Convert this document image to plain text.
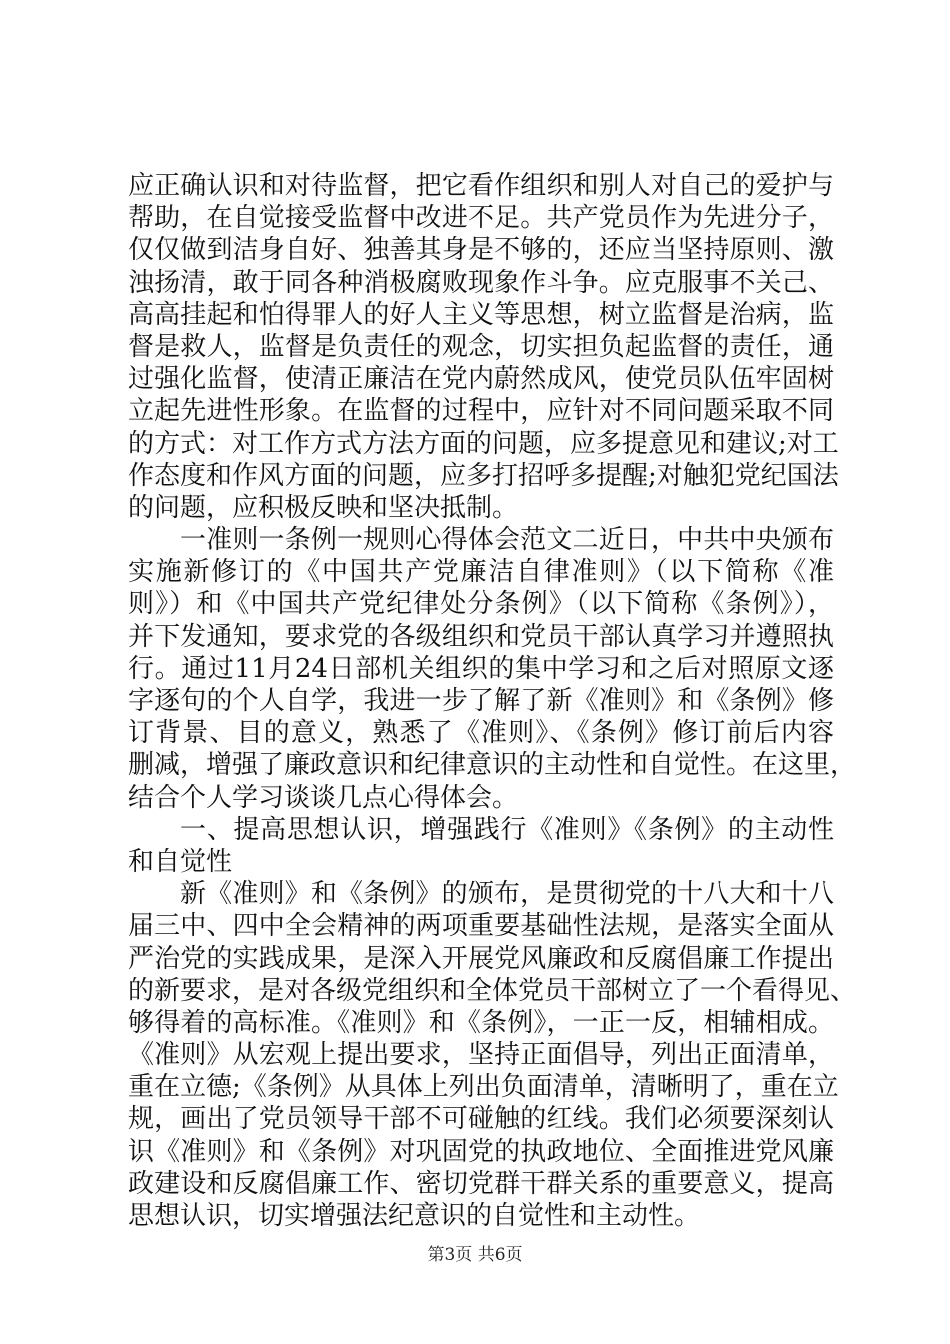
应正确认识和对待监督，把它看作组织和别人对自己的爱护与
帮助，在自觉接受监督中改进不足。共产党员作为先进分子，
仅仅做到洁身自好、独善其身是不够的，还应当坚持原则、激
浊扬清，敢于同各种消极腐败现象作斗争。应克服事不关己、
高高挂起和怕得罪人的好人主义等思想，树立监督是治病，监
督是救人，监督是负责任的观念，切实担负起监督的责任，通
过强化监督，使清正廉洁在党内蔚然成风，使党员队伍牢固树
立起先进性形象。在监督的过程中，应针对不同问题采取不同
的方式：对工作方式方法方面的问题，应多提意见和建议;对工
作态度和作风方面的问题，应多打招呼多提醒;对触犯党纪国法
的问题，应积极反映和坚决抵制。
一准则一条例一规则心得体会范文二近日，中共中央颁布
实施新修订的《中国共产党廉洁自律准则》（以下简称《准
则》）和《中国共产党纪律处分条例》（以下简称《条例》），
并下发通知，要求党的各级组织和党员干部认真学习并遵照执
行。通过11月24日部机关组织的集中学习和之后对照原文逐
字逐句的个人自学，我进一步了解了新《准则》和《条例》修
订背景、目的意义，熟悉了《准则》、《条例》修订前后内容
删减，增强了廉政意识和纪律意识的主动性和自觉性。在这里，
结合个人学习谈谈几点心得体会。
一、提高思想认识，增强践行《准则》《条例》的主动性
和自觉性
新《准则》和《条例》的颁布，是贯彻党的十八大和十八
届三中、四中全会精神的两项重要基础性法规，是落实全面从
严治党的实践成果，是深入开展党风廉政和反腐倡廉工作提出
的新要求，是对各级党组织和全体党员干部树立了一个看得见、
够得着的高标准。《准则》和《条例》，一正一反，相辅相成。
《准则》从宏观上提出要求，坚持正面倡导，列出正面清单，
重在立德;《条例》从具体上列出负面清单，清晰明了，重在立
规，画出了党员领导干部不可碰触的红线。我们必须要深刻认
识《准则》和《条例》对巩固党的执政地位、全面推进党风廉
政建设和反腐倡廉工作、密切党群干群关系的重要意义，提高
思想认识，切实增强法纪意识的自觉性和主动性。
第3页 共6页
